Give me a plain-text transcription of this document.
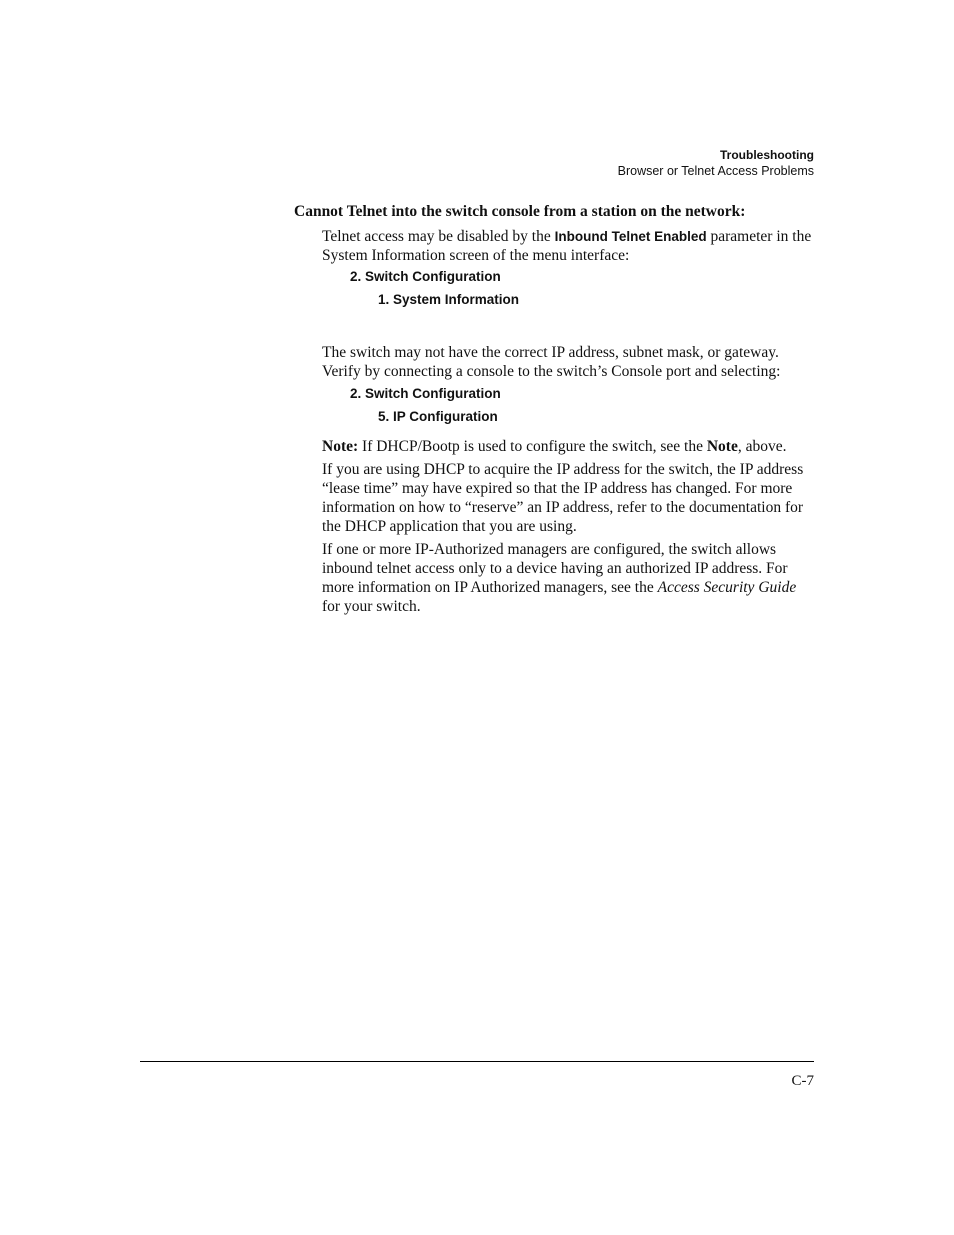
Troubleshooting
Browser or Telnet Access Problems
Cannot Telnet into the switch console from a station on the network:

Telnet access may be disabled by the Inbound Telnet Enabled parameter in the System Information screen of the menu interface:

2. Switch Configuration
1. System Information

The switch may not have the correct IP address, subnet mask, or gateway. Verify by connecting a console to the switch’s Console port and selecting:

2. Switch Configuration
5. IP Configuration

Note: If DHCP/Bootp is used to configure the switch, see the Note, above.

If you are using DHCP to acquire the IP address for the switch, the IP address “lease time” may have expired so that the IP address has changed. For more information on how to “reserve” an IP address, refer to the documentation for the DHCP application that you are using.

If one or more IP-Authorized managers are configured, the switch allows inbound telnet access only to a device having an authorized IP address. For more information on IP Authorized managers, see the Access Security Guide for your switch.

C-7
